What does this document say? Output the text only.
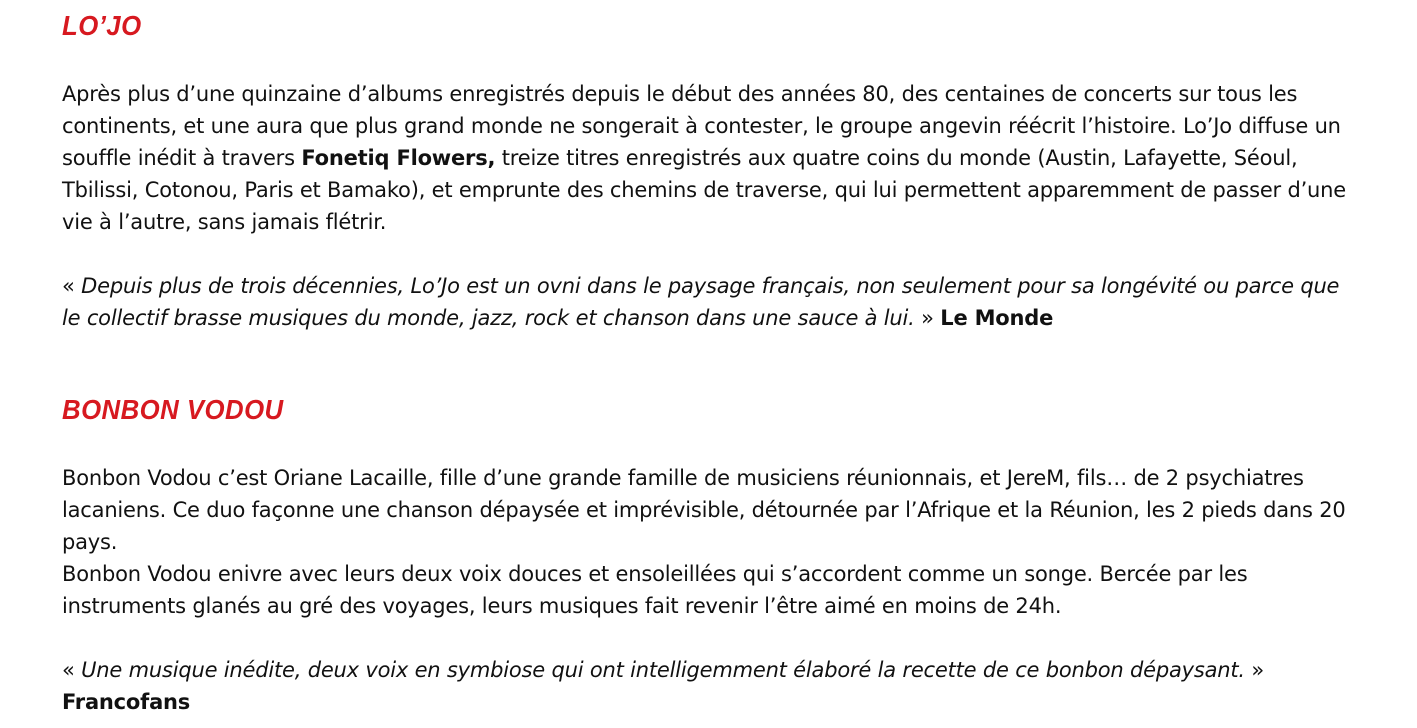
LO’JO

Après plus d’une quinzaine d’albums enregistrés depuis le début des années 80, des centaines de concerts sur tous les continents, et une aura que plus grand monde ne songerait à contester, le groupe angevin réécrit l’histoire. Lo’Jo diffuse un souffle inédit à travers Fonetiq Flowers, treize titres enregistrés aux quatre coins du monde (Austin, Lafayette, Séoul, Tbilissi, Cotonou, Paris et Bamako), et emprunte des chemins de traverse, qui lui permettent apparemment de passer d’une vie à l’autre, sans jamais flétrir.

« Depuis plus de trois décennies, Lo’Jo est un ovni dans le paysage français, non seulement pour sa longévité ou parce que le collectif brasse musiques du monde, jazz, rock et chanson dans une sauce à lui. » Le Monde

BONBON VODOU
Bonbon Vodou c’est Oriane Lacaille, fille d’une grande famille de musiciens réunionnais, et JereM, fils… de 2 psychiatres lacaniens. Ce duo façonne une chanson dépaysée et imprévisible, détournée par l’Afrique et la Réunion, les 2 pieds dans 20 pays.
Bonbon Vodou enivre avec leurs deux voix douces et ensoleillées qui s’accordent comme un songe. Bercée par les instruments glanés au gré des voyages, leurs musiques fait revenir l’être aimé en moins de 24h.

« Une musique inédite, deux voix en symbiose qui ont intelligemment élaboré la recette de ce bonbon dépaysant. »
Francofans
